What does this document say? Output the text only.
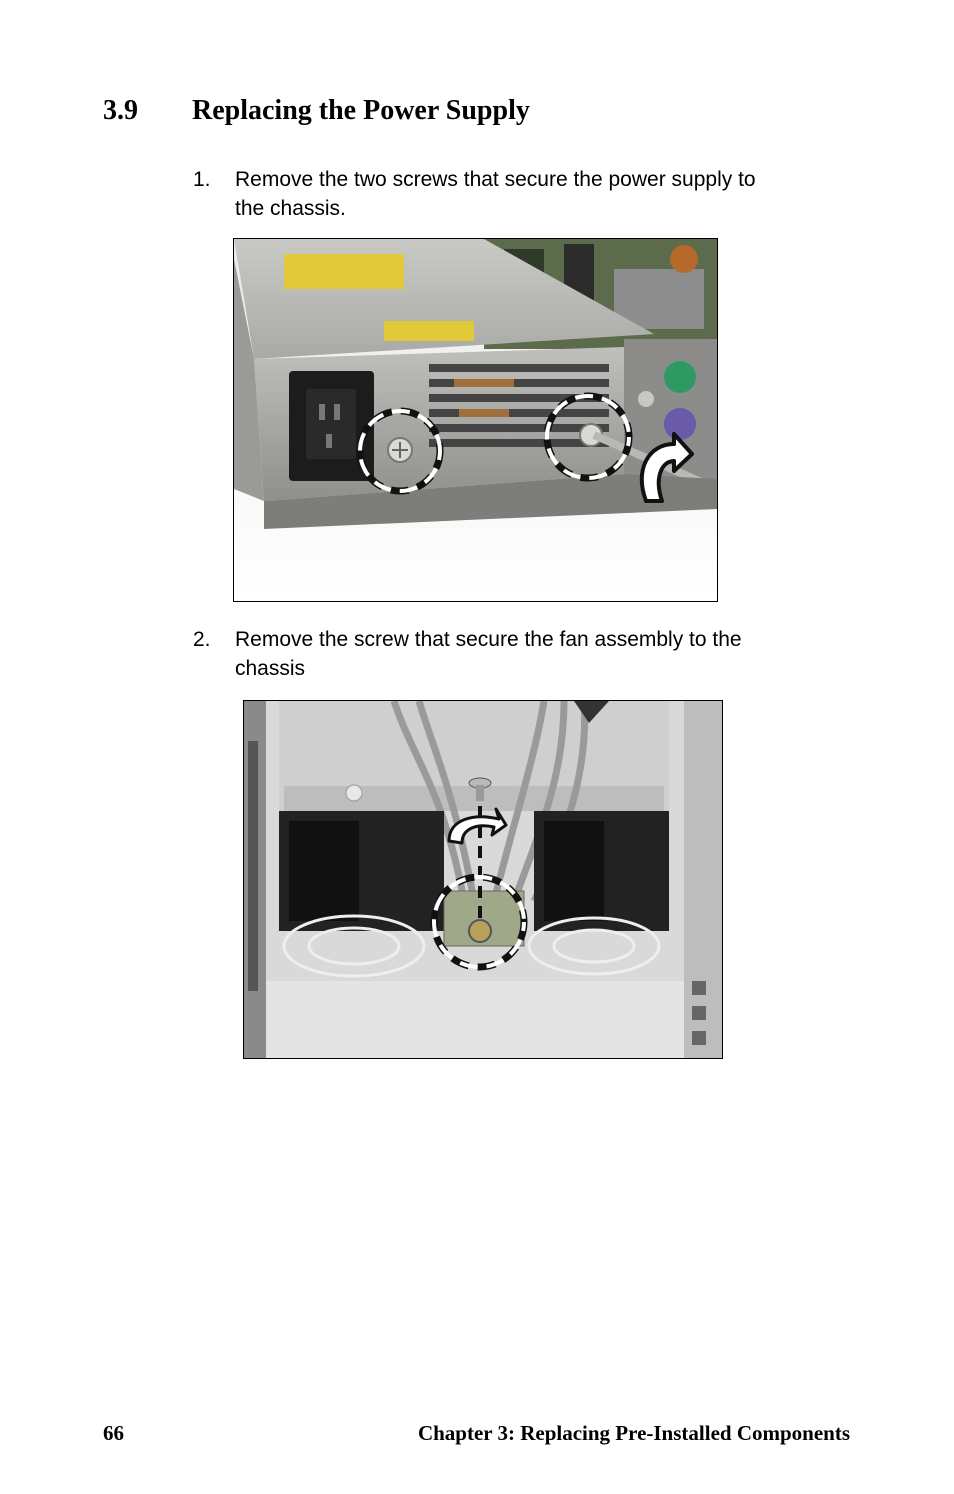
3.9 Replacing the Power Supply
1. Remove the two screws that secure the power supply to
the chassis.
2. Remove the screw that secure the fan assembly to the
chassis
66	Chapter 3: Replacing Pre-Installed Components
